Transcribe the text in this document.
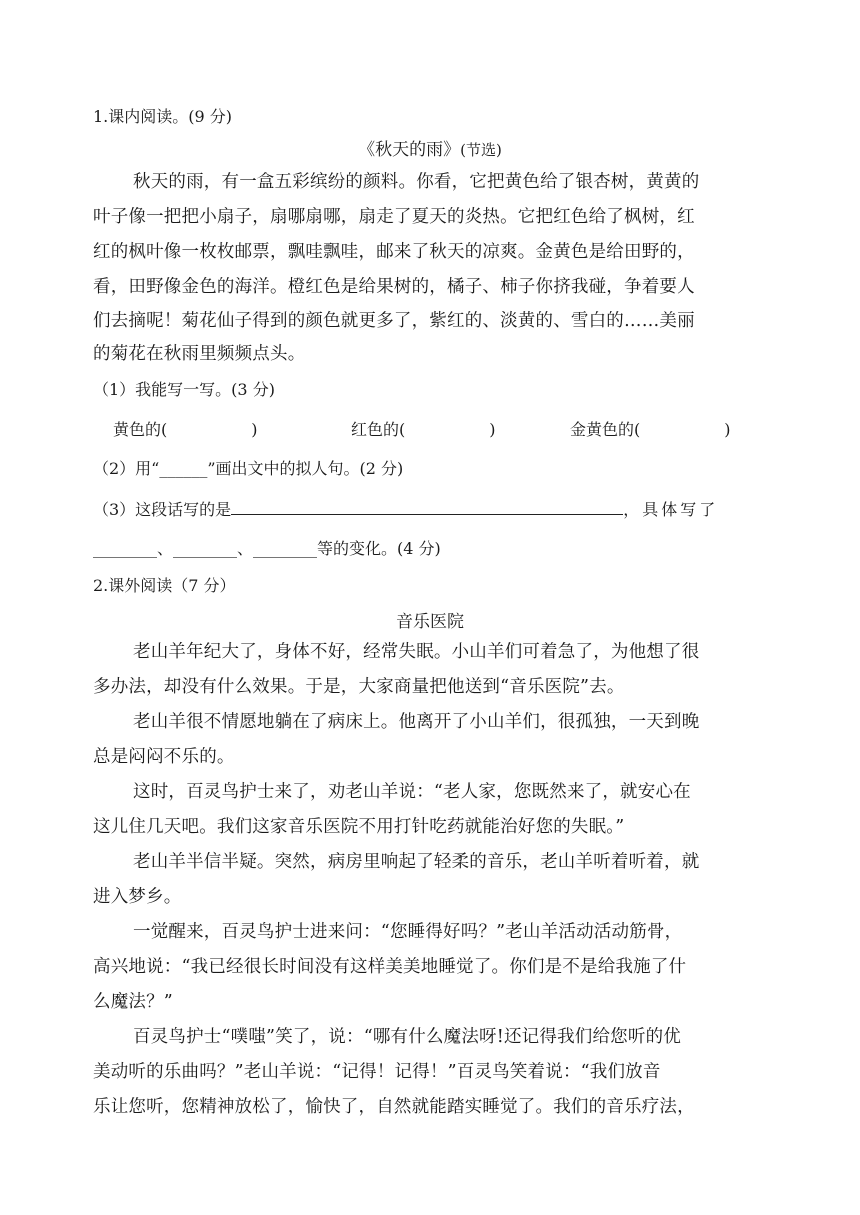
1.课内阅读。(9 分)
《秋天的雨》(节选)
秋天的雨，有一盒五彩缤纷的颜料。你看，它把黄色给了银杏树，黄黄的
叶子像一把把小扇子，扇哪扇哪，扇走了夏天的炎热。它把红色给了枫树，红
红的枫叶像一枚枚邮票，飘哇飘哇，邮来了秋天的凉爽。金黄色是给田野的，
看，田野像金色的海洋。橙红色是给果树的，橘子、柿子你挤我碰，争着要人
们去摘呢！菊花仙子得到的颜色就更多了，紫红的、淡黄的、雪白的……美丽
的菊花在秋雨里频频点头。
（1）我能写一写。(3 分)
黄色的(	)	红色的(	)	金黄色的(	)
（2）用“______”画出文中的拟人句。(2 分)
（3）这段话写的是	，具体写了
________、________、________等的变化。(4 分)
2.课外阅读（7 分）
音乐医院
老山羊年纪大了，身体不好，经常失眠。小山羊们可着急了，为他想了很
多办法，却没有什么效果。于是，大家商量把他送到“音乐医院”去。
老山羊很不情愿地躺在了病床上。他离开了小山羊们，很孤独，一天到晚
总是闷闷不乐的。
这时，百灵鸟护士来了，劝老山羊说：“老人家，您既然来了，就安心在
这儿住几天吧。我们这家音乐医院不用打针吃药就能治好您的失眠。”
老山羊半信半疑。突然，病房里响起了轻柔的音乐，老山羊听着听着，就
进入梦乡。
一觉醒来，百灵鸟护士进来问：“您睡得好吗？”老山羊活动活动筋骨，
高兴地说：“我已经很长时间没有这样美美地睡觉了。你们是不是给我施了什
么魔法？”
百灵鸟护士“噗嗤”笑了，说：“哪有什么魔法呀!还记得我们给您听的优
美动听的乐曲吗？”老山羊说：“记得！记得！”百灵鸟笑着说：“我们放音
乐让您听，您精神放松了，愉快了，自然就能踏实睡觉了。我们的音乐疗法，
